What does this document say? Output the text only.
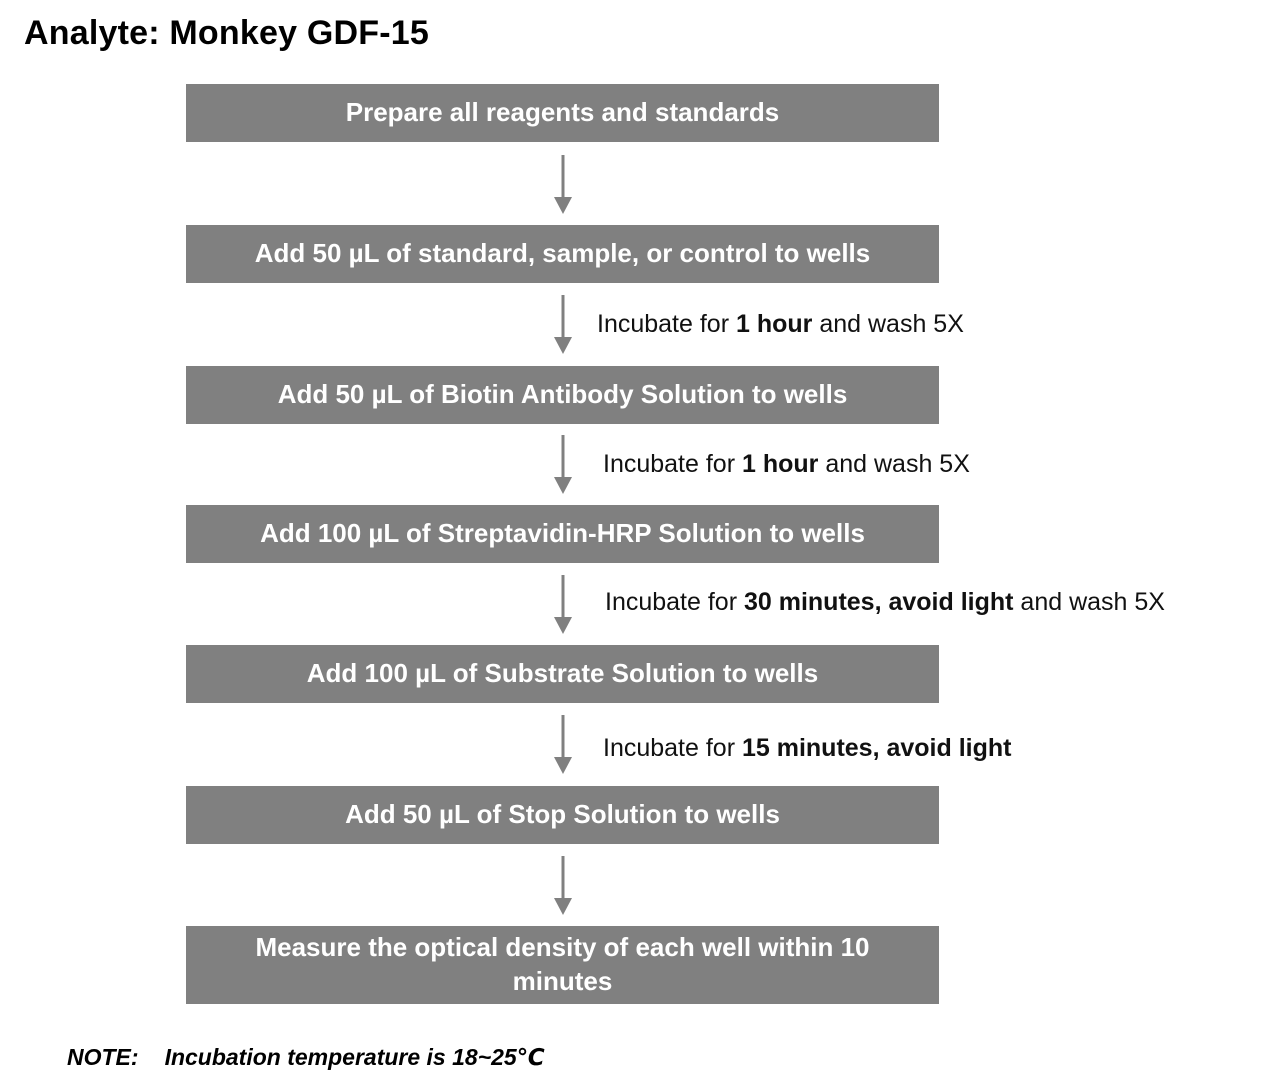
Analyte: Monkey GDF-15
Prepare all reagents and standards
Add 50 µL of standard, sample, or control to wells
Add 50 µL of Biotin Antibody Solution to wells
Add 100 µL of Streptavidin-HRP Solution to wells
Add 100 µL of Substrate Solution to wells
Add 50 µL of Stop Solution to wells
Measure the optical density of each well within 10 minutes
Incubate for 1 hour and wash 5X
Incubate for 1 hour and wash 5X
Incubate for 30 minutes, avoid light and wash 5X
Incubate for 15 minutes, avoid light
NOTE: Incubation temperature is 18~25℃
